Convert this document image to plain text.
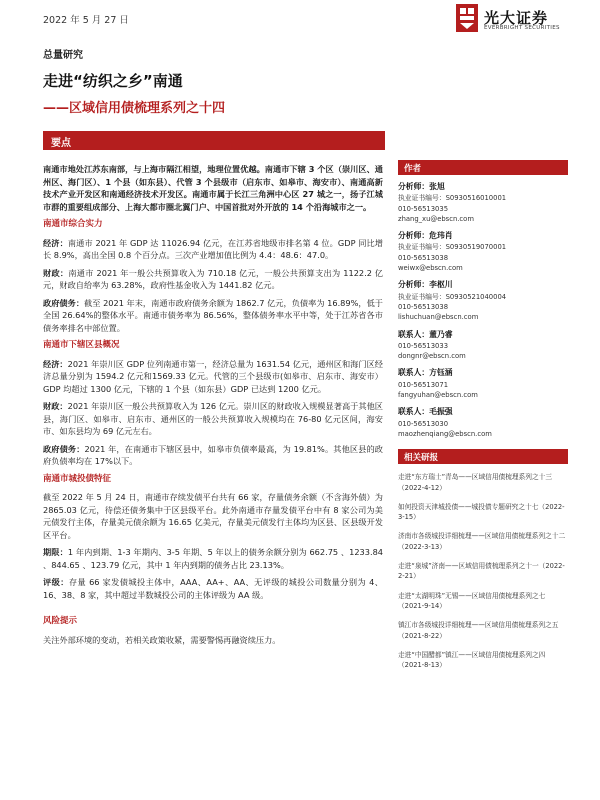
2022 年 5 月 27 日	光大证券
EVERBRIGHT SECURITIES
总量研究
走进“纺织之乡”南通
——区域信用债梳理系列之十四
要点

南通市地处江苏东南部，与上海市隔江相望，地理位置优越。南通市下辖 3 个区（崇川区、通州区、海门区）、1 个县（如东县）、代管 3 个县级市（启东市、如皋市、海安市）、南通高新技术产业开发区和南通经济技术开发区。南通市属于长江三角洲中心区 27 城之一，扬子江城市群的重要组成部分、上海大都市圈北翼门户、中国首批对外开放的 14 个沿海城市之一。

南通市综合实力

经济：南通市 2021 年 GDP 达 11026.94 亿元，在江苏省地级市排名第 4 位。GDP 同比增长 8.9%，高出全国 0.8 个百分点。三次产业增加值比例为 4.4：48.6：47.0。

财政：南通市 2021 年一般公共预算收入为 710.18 亿元，一般公共预算支出为 1122.2 亿元，财政自给率为 63.28%，政府性基金收入为 1441.82 亿元。

政府债务：截至 2021 年末，南通市政府债务余额为 1862.7 亿元，负债率为 16.89%，低于全国 26.64%的整体水平。南通市债务率为 86.56%，整体债务率水平中等，处于江苏省各市债务率排名中部位置。

南通市下辖区县概况

经济：2021 年崇川区 GDP 位列南通市第一，经济总量为 1631.54 亿元，通州区和海门区经济总量分别为 1594.2 亿元和1569.33 亿元。代管的三个县级市(如皋市、启东市、海安市）GDP 均超过 1300 亿元，下辖的 1 个县（如东县）GDP 已达到 1200 亿元。

财政：2021 年崇川区一般公共预算收入为 126 亿元。崇川区的财政收入规模显著高于其他区县，海门区、如皋市、启东市、通州区的一般公共预算收入规模均在 76-80 亿元区间，海安市、如东县均为 69 亿元左右。

政府债务：2021 年，在南通市下辖区县中，如皋市负债率最高，为 19.81%。其他区县的政府负债率均在 17%以下。

南通市城投债特征

截至 2022 年 5 月 24 日，南通市存续发债平台共有 66 家，存量债务余额（不含海外债）为 2865.03 亿元，待偿还债务集中于区县级平台。此外南通市存量发债平台中有 8 家公司为美元债发行主体，存量美元债余额为 16.65 亿美元，存量美元债发行主体均为区县、区县级开发区平台。

期限：1 年内到期、1-3 年期内、3-5 年期、5 年以上的债务余额分别为 662.75 、1233.84 、844.65 、123.79 亿元，其中 1 年内到期的债务占比 23.13%。

评级：存量 66 家发债城投主体中，AAA、AA+、AA、无评级的城投公司数量分别为 4、16、38、8 家，其中超过半数城投公司的主体评级为 AA 级。

风险提示

关注外部环境的变动，若相关政策收紧，需要警惕再融资续压力。

作者
分析师：张旭
执业证书编号：S0930516010001
010-56513035
zhang_xu@ebscn.com
分析师：危玮肖
执业证书编号：S0930519070001
010-56513038
weiwx@ebscn.com
分析师：李枢川
执业证书编号：S0930521040004
010-56513038
lishuchuan@ebscn.com
联系人：董乃睿
010-56513033
dongnr@ebscn.com
联系人：方钰涵
010-56513071
fangyuhan@ebscn.com
联系人：毛振强
010-56513030
maozhenqiang@ebscn.com
相关研报
走进“东方瑞士”青岛——区域信用债梳理系列之十三（2022-4-12）
如何投资天津城投债——城投债专题研究之十七（2022-3-15）
济南市各级城投详细梳理——区域信用债梳理系列之十二（2022-3-13）
走进“泉城”济南——区域信用债梳理系列之十一（2022-2-21）
走进“太湖明珠”无锡——区域信用债梳理系列之七（2021-9-14）
镇江市各级城投详细梳理——区域信用债梳理系列之五（2021-8-22）
走进“中国醋都”镇江——区域信用债梳理系列之四（2021-8-13）
